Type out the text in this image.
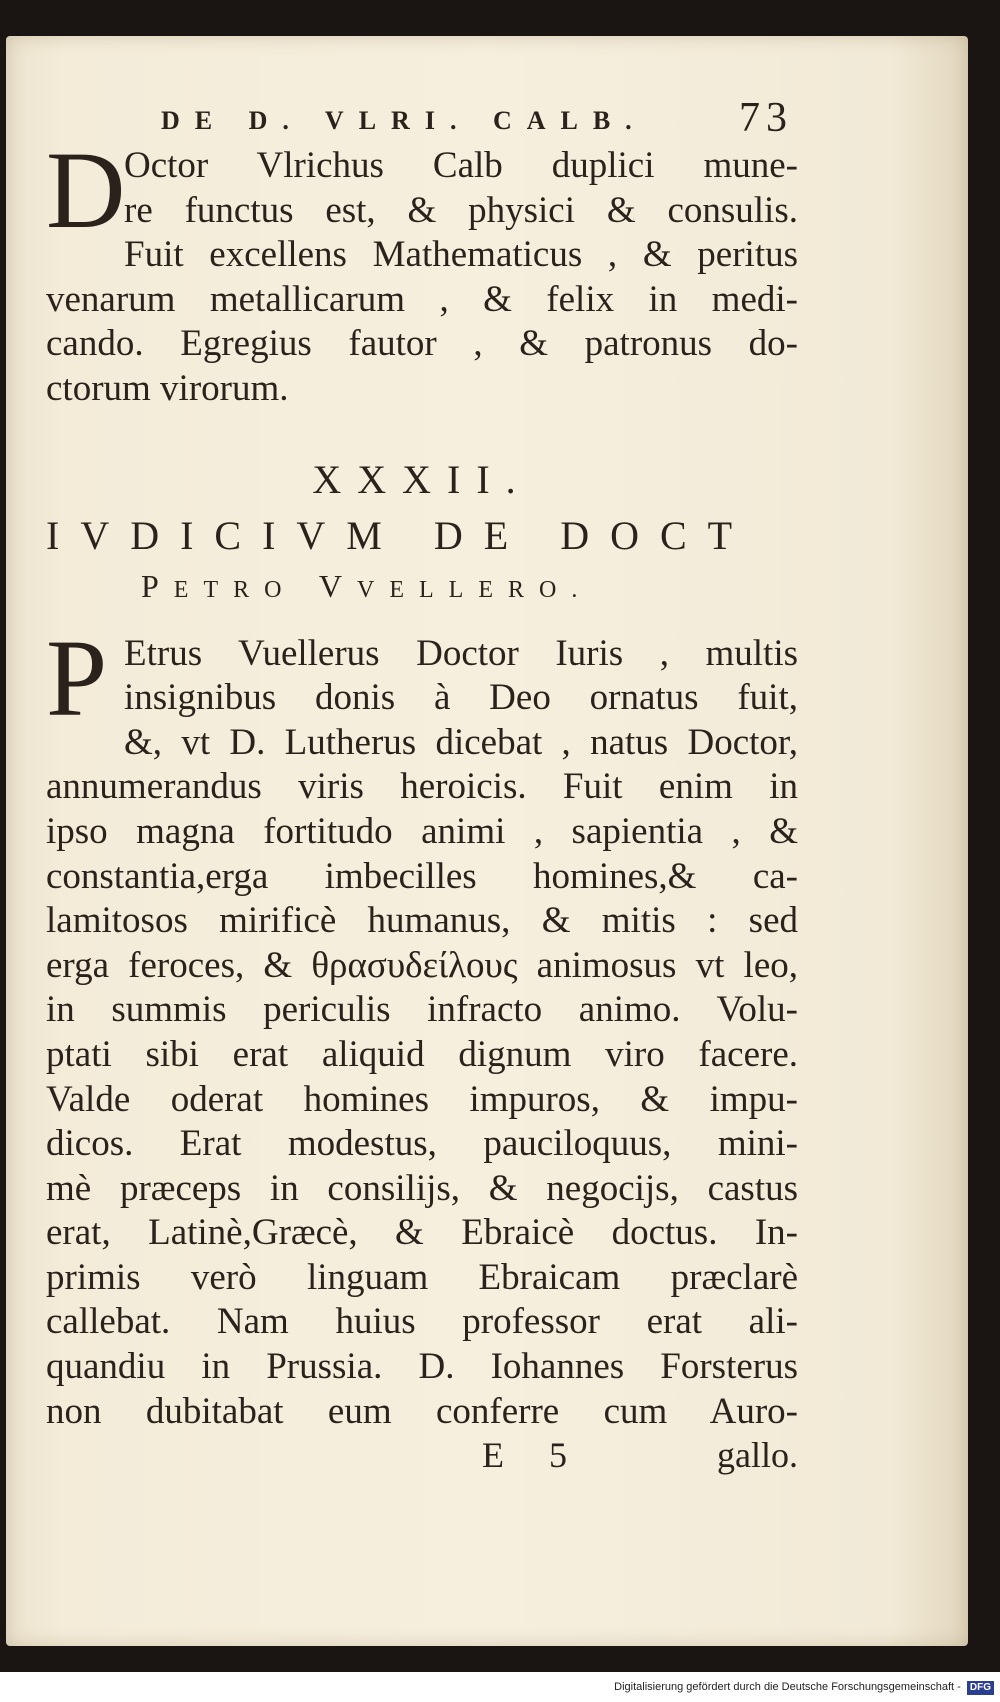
DE D. VLRI. CALB. 73

D
Octor Vlrichus Calb duplici mune-
re functus est, & physici & consulis.
Fuit excellens Mathematicus , & peritus
venarum metallicarum , & felix in medi-
cando. Egregius fautor , & patronus do-
ctorum virorum.

XXXII.
IVDICIVM DE DOCT
PETRO VVELLERO.

P Etrus Vuellerus Doctor Iuris , multis
insignibus donis à Deo ornatus fuit,
&, vt D. Lutherus dicebat , natus Doctor,
annumerandus viris heroicis. Fuit enim in
ipso magna fortitudo animi , sapientia , &
constantia,erga imbecilles homines,& ca-
lamitosos mirificè humanus, & mitis : sed
erga feroces, & θρασυδείλους animosus vt leo,
in summis periculis infracto animo. Volu-
ptati sibi erat aliquid dignum viro facere.
Valde oderat homines impuros, & impu-
dicos. Erat modestus, pauciloquus, mini-
mè præceps in consilijs, & negocijs, castus
erat, Latinè,Græcè, & Ebraicè doctus. In-
primis verò linguam Ebraicam præclarè
callebat. Nam huius professor erat ali-
quandiu in Prussia. D. Iohannes Forsterus
non dubitabat eum conferre cum Auro-

E 5	gallo.
Digitalisierung gefördert durch die Deutsche Forschungsgemeinschaft - DFG
